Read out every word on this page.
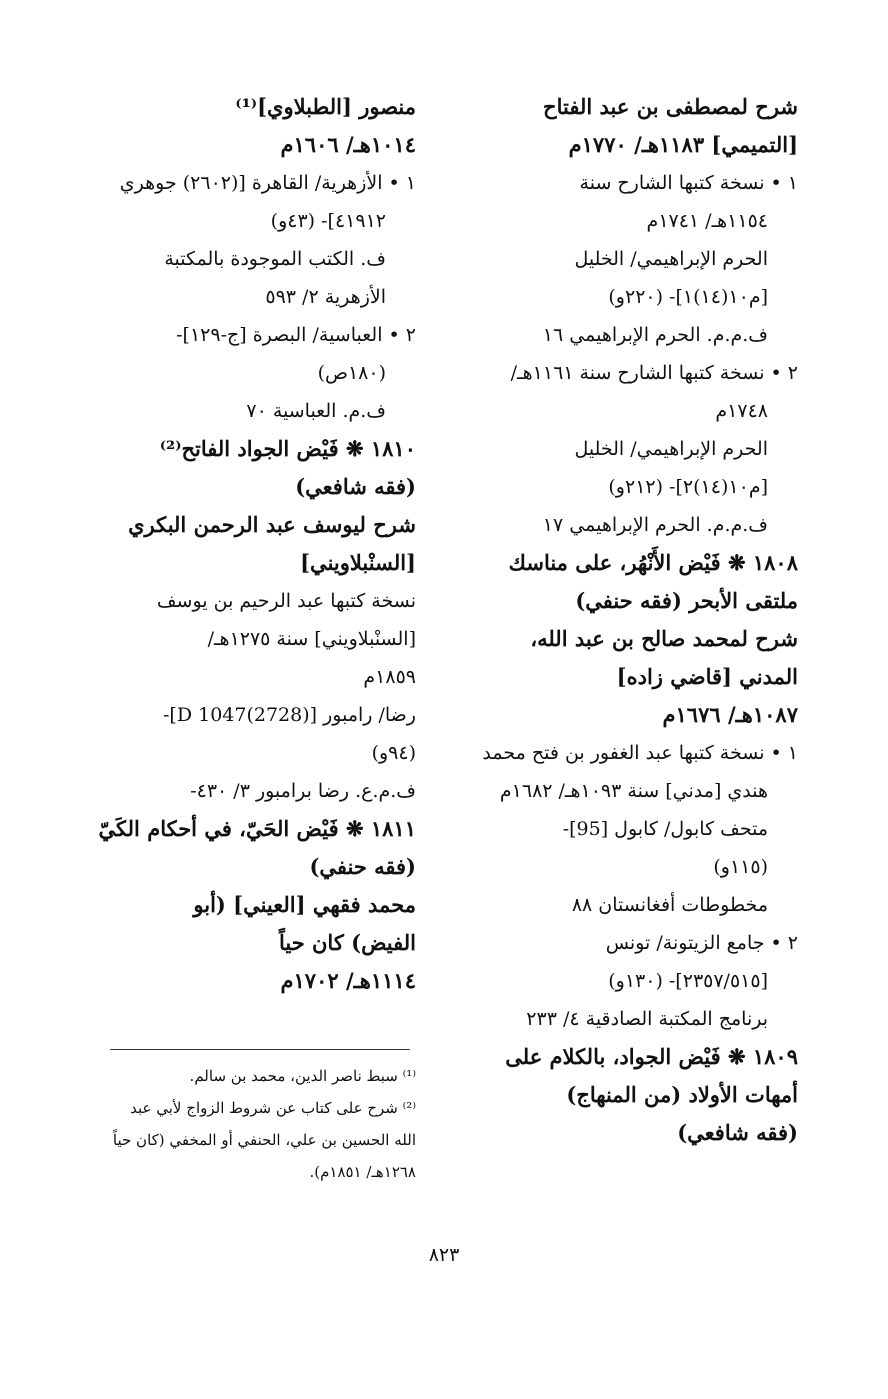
شرح لمصطفى بن عبد الفتاح

[التميمي] ١١٨٣هـ/ ١٧٧٠م

١ • نسخة كتبها الشارح سنة

١١٥٤هـ/ ١٧٤١م

الحرم الإبراهيمي/ الخليل

[م١٠(١٤)١]- (٢٢٠و)

ف.م.م. الحرم الإبراهيمي ١٦

٢ • نسخة كتبها الشارح سنة ١١٦١هـ/

١٧٤٨م

الحرم الإبراهيمي/ الخليل

[م١٠(١٤)٢]- (٢١٢و)

ف.م.م. الحرم الإبراهيمي ١٧

١٨٠٨ ❋ فَيْض الأَنْهُر، على مناسك

ملتقى الأبحر (فقه حنفي)

شرح لمحمد صالح بن عبد الله،

المدني [قاضي زاده]

١٠٨٧هـ/ ١٦٧٦م

١ • نسخة كتبها عبد الغفور بن فتح محمد

هندي [مدني] سنة ١٠٩٣هـ/ ١٦٨٢م

متحف كابول/ كابول [95]-

(١١٥و)

مخطوطات أفغانستان ٨٨

٢ • جامع الزيتونة/ تونس

[٢٣٥٧/٥١٥]- (١٣٠و)

برنامج المكتبة الصادقية ٤/ ٢٣٣

١٨٠٩ ❋ فَيْض الجواد، بالكلام على

أمهات الأولاد (من المنهاج)

(فقه شافعي)

منصور [الطبلاوي]⁽¹⁾

١٠١٤هـ/ ١٦٠٦م

١ • الأزهرية/ القاهرة [(٢٦٠٢) جوهري

٤١٩١٢]- (٤٣و)

ف. الكتب الموجودة بالمكتبة

الأزهرية ٢/ ٥٩٣

٢ • العباسية/ البصرة [ج-١٢٩]-

(١٨٠ص)

ف.م. العباسية ٧٠

١٨١٠ ❋ فَيْض الجواد الفاتح⁽²⁾

(فقه شافعي)

شرح ليوسف عبد الرحمن البكري

[السنْبلاويني]

نسخة كتبها عبد الرحيم بن يوسف

[السنْبلاويني] سنة ١٢٧٥هـ/

١٨٥٩م

رضا/ رامبور [D 1047(2728)]-

(٩٤و)

ف.م.ع. رضا برامبور ٣/ ٤٣٠-

١٨١١ ❋ فَيْض الحَيّ، في أحكام الكَيّ

(فقه حنفي)

محمد فقهي [العيني] (أبو

الفيض) كان حياً

١١١٤هـ/ ١٧٠٢م

⁽¹⁾ سبط ناصر الدين، محمد بن سالم.

⁽²⁾ شرح على كتاب عن شروط الزواج لأبي عبد

الله الحسين بن علي، الحنفي أو المخفي (كان حياً

١٢٦٨هـ/ ١٨٥١م).

٨٢٣
